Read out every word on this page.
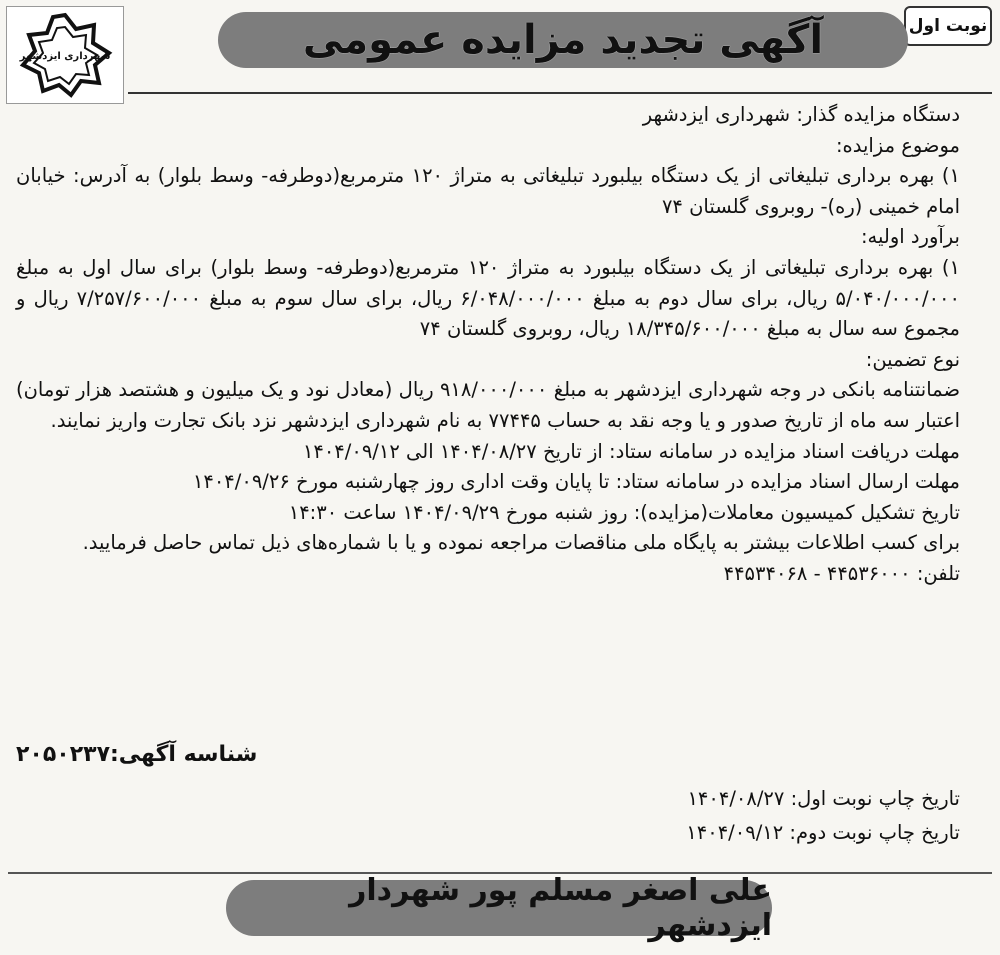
نوبت اول
شهرداری ایزدشهر	آگهی تجدید مزایده عمومی

دستگاه مزایده گذار: شهرداری ایزدشهر

موضوع مزایده:

۱) بهره برداری تبلیغاتی از یک دستگاه بیلبورد تبلیغاتی به متراژ ۱۲۰ مترمربع(دوطرفه- وسط بلوار) به آدرس: خیابان امام خمینی (ره)- روبروی گلستان ۷۴

برآورد اولیه:

۱) بهره برداری تبلیغاتی از یک دستگاه بیلبورد به متراژ ۱۲۰ مترمربع(دوطرفه- وسط بلوار) برای سال اول به مبلغ ۵/۰۴۰/۰۰۰/۰۰۰ ریال، برای سال دوم به مبلغ ۶/۰۴۸/۰۰۰/۰۰۰ ریال، برای سال سوم به مبلغ ۷/۲۵۷/۶۰۰/۰۰۰ ریال و مجموع سه سال به مبلغ ۱۸/۳۴۵/۶۰۰/۰۰۰ ریال، روبروی گلستان ۷۴

نوع تضمین:

ضمانتنامه بانکی در وجه شهرداری ایزدشهر به مبلغ ۹۱۸/۰۰۰/۰۰۰ ریال (معادل نود و یک میلیون و هشتصد هزار تومان) اعتبار سه ماه از تاریخ صدور و یا وجه نقد به حساب ۷۷۴۴۵ به نام شهرداری ایزدشهر نزد بانک تجارت واریز نمایند.

مهلت دریافت اسناد مزایده در سامانه ستاد: از تاریخ ۱۴۰۴/۰۸/۲۷ الی ۱۴۰۴/۰۹/۱۲

مهلت ارسال اسناد مزایده در سامانه ستاد: تا پایان وقت اداری روز چهارشنبه مورخ ۱۴۰۴/۰۹/۲۶

تاریخ تشکیل کمیسیون معاملات(مزایده): روز شنبه مورخ ۱۴۰۴/۰۹/۲۹ ساعت ۱۴:۳۰

برای کسب اطلاعات بیشتر به پایگاه ملی مناقصات مراجعه نموده و یا با شماره‌های ذیل تماس حاصل فرمایید.

تلفن: ۴۴۵۳۶۰۰۰ - ۴۴۵۳۴۰۶۸

شناسه آگهی:۲۰۵۰۲۳۷

تاریخ چاپ نوبت اول: ۱۴۰۴/۰۸/۲۷

تاریخ چاپ نوبت دوم: ۱۴۰۴/۰۹/۱۲

علی اصغر مسلم پور شهردار ایزدشهر
